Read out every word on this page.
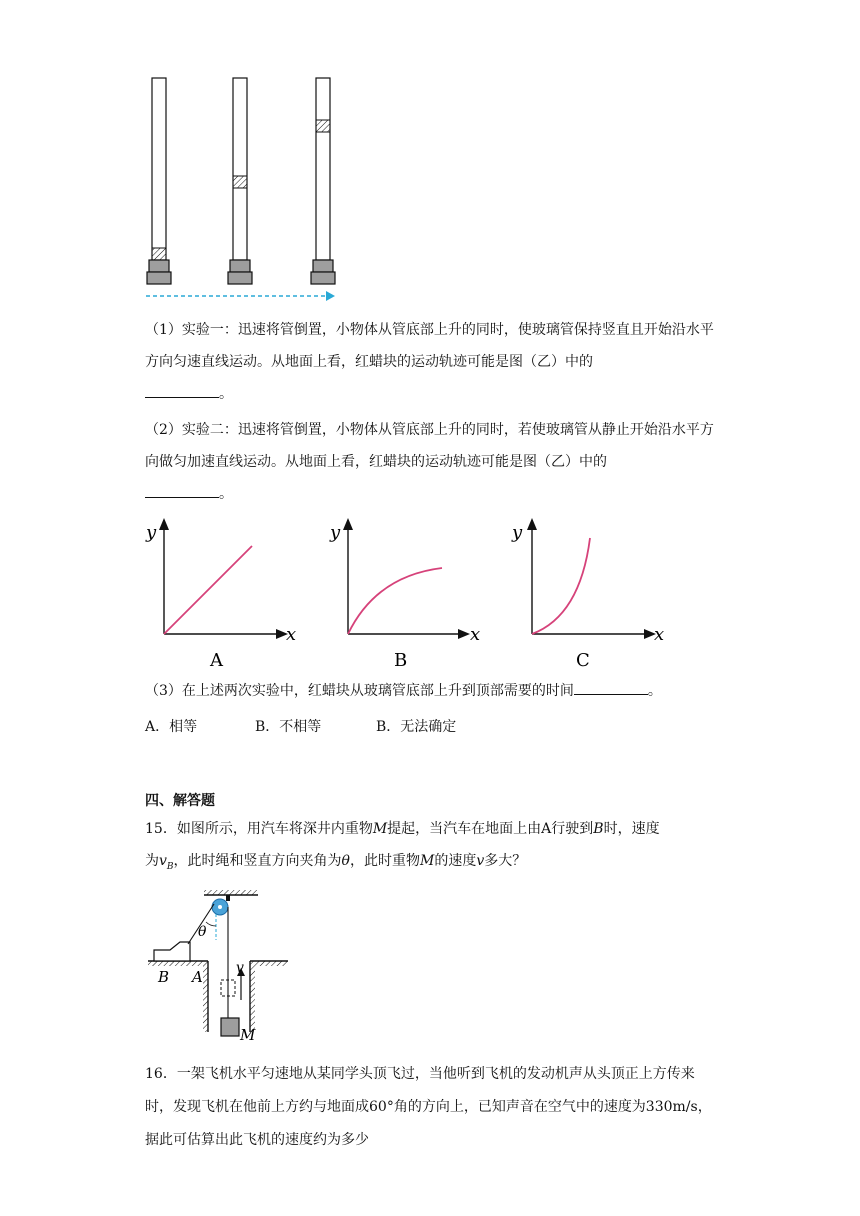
（1）实验一：迅速将管倒置，小物体从管底部上升的同时，使玻璃管保持竖直且开始沿水平方向匀速直线运动。从地面上看，红蜡块的运动轨迹可能是图（乙）中的
。
（2）实验二：迅速将管倒置，小物体从管底部上升的同时，若使玻璃管从静止开始沿水平方向做匀加速直线运动。从地面上看，红蜡块的运动轨迹可能是图（乙）中的
。
y
x
A
y
x
B
y
x
C
（3）在上述两次实验中，红蜡块从玻璃管底部上升到顶部需要的时间	。
A．相等	B．不相等	B．无法确定
四、解答题
15．如图所示，用汽车将深井内重物M提起，当汽车在地面上由A行驶到B时，速度
为$v_B$，此时绳和竖直方向夹角为θ，此时重物M的速度v多大？
θ
v
M
B A
16．一架飞机水平匀速地从某同学头顶飞过，当他听到飞机的发动机声从头顶正上方传来时，发现飞机在他前上方约与地面成60°角的方向上，已知声音在空气中的速度为330m/s，据此可估算出此飞机的速度约为多少
